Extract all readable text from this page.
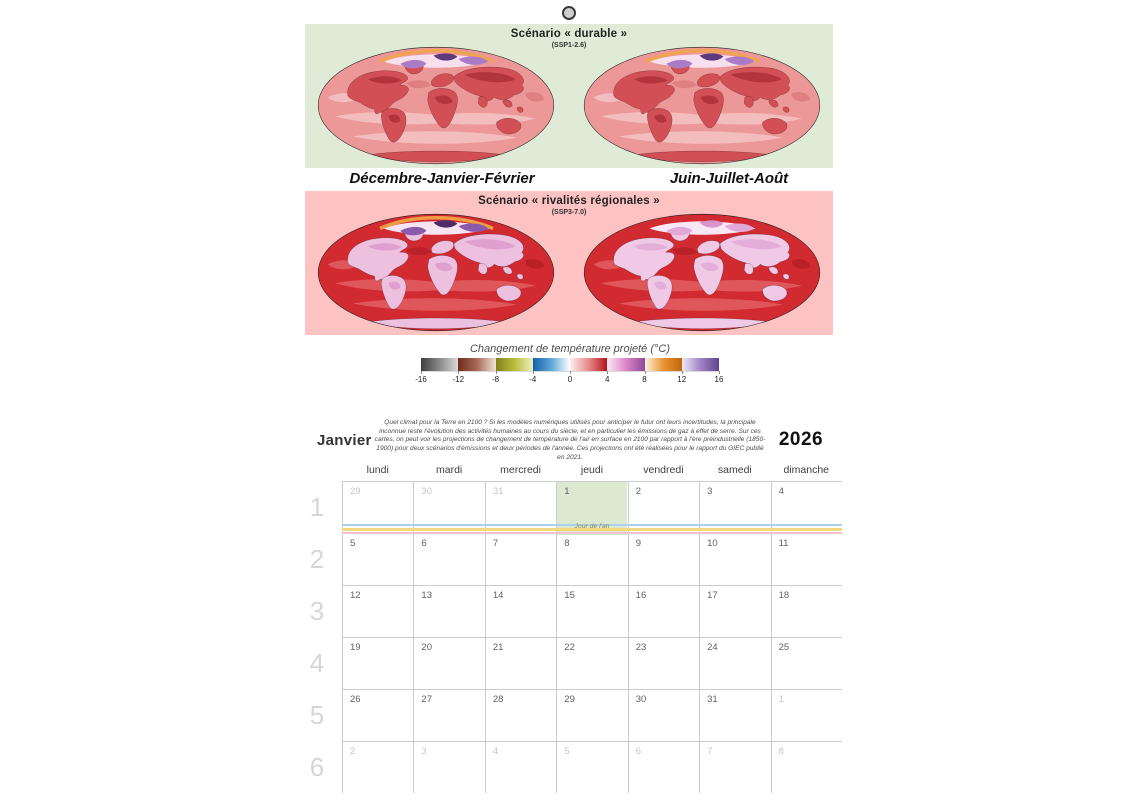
Scénario « durable »
(SSP1-2.6)
Décembre-Janvier-Février	Juin-Juillet-Août
Scénario « rivalités régionales »
(SSP3-7.0)
Changement de température projeté (°C)
-16	-12	-8	-4	0	4	8	12	16
Janvier
Quel climat pour la Terre en 2100 ? Si les modèles numériques utilisés pour anticiper le futur ont leurs incertitudes, la principale inconnue reste l'évolution des activités humaines au cours du siècle, et en particulier les émissions de gaz à effet de serre. Sur ces cartes, on peut voir les projections de changement de température de l'air en surface en 2100 par rapport à l'ère préindustrielle (1850-1900) pour deux scénarios d'émissions et deux périodes de l'année. Ces projections ont été réalisées pour le rapport du GIEC publié en 2021.
2026
lundi	mardi	mercredi	jeudi	vendredi	samedi	dimanche
1
2
3
4
5
6
29	30	31	1	2	3	4
5	6	7	8	9	10	11
12	13	14	15	16	17	18
19	20	21	22	23	24	25
26	27	28	29	30	31	1
2	3	4	5	6	7	8
Jour de l'an
